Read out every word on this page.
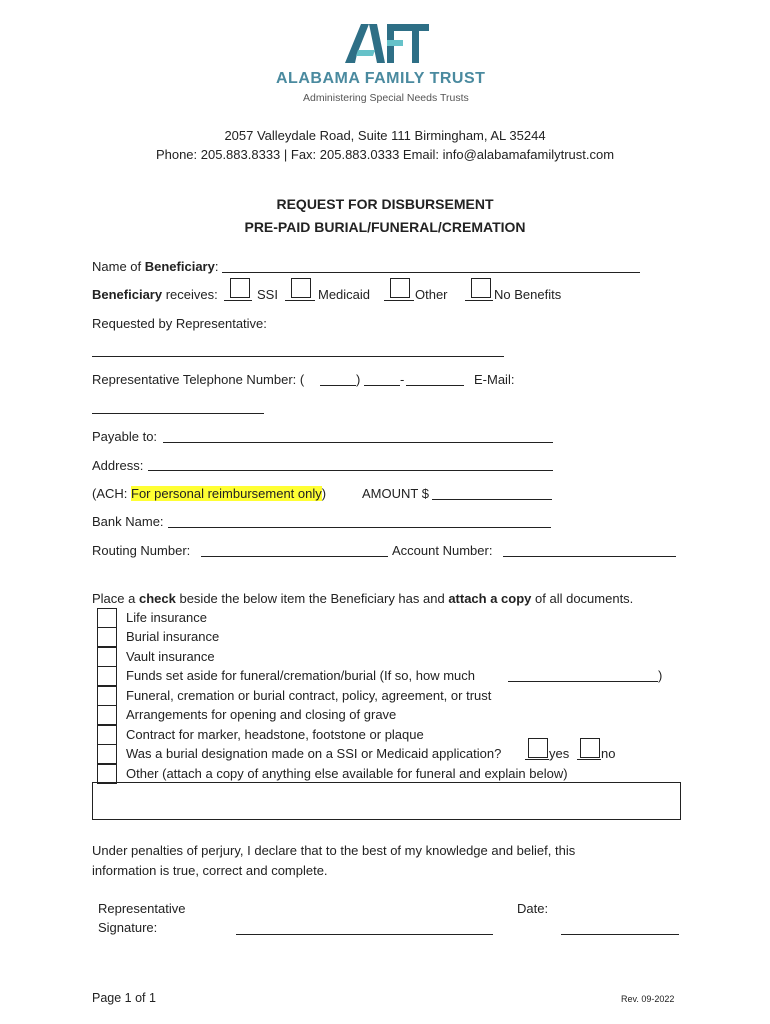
ALABAMA FAMILY TRUST
Administering Special Needs Trusts
2057 Valleydale Road, Suite 111 Birmingham, AL 35244
Phone: 205.883.8333 | Fax: 205.883.0333 Email: info@alabamafamilytrust.com
REQUEST FOR DISBURSEMENT
PRE-PAID BURIAL/FUNERAL/CREMATION
Name of Beneficiary:
Beneficiary receives:	SSI	Medicaid	Other	No Benefits
Requested by Representative:
Representative Telephone Number: (	)	-	E-Mail:
Payable to:
Address:
(ACH: For personal reimbursement only)	AMOUNT $
Bank Name:
Routing Number:	Account Number:
Place a check beside the below item the Beneficiary has and attach a copy of all documents.
Life insurance
Burial insurance
Vault insurance
Funds set aside for funeral/cremation/burial (If so, how much	)
Funeral, cremation or burial contract, policy, agreement, or trust
Arrangements for opening and closing of grave
Contract for marker, headstone, footstone or plaque
Was a burial designation made on a SSI or Medicaid application?	yes no
Other (attach a copy of anything else available for funeral and explain below)
Under penalties of perjury, I declare that to the best of my knowledge and belief, this
information is true, correct and complete.
Representative
Signature:
Date:
Page 1 of 1	Rev. 09-2022
